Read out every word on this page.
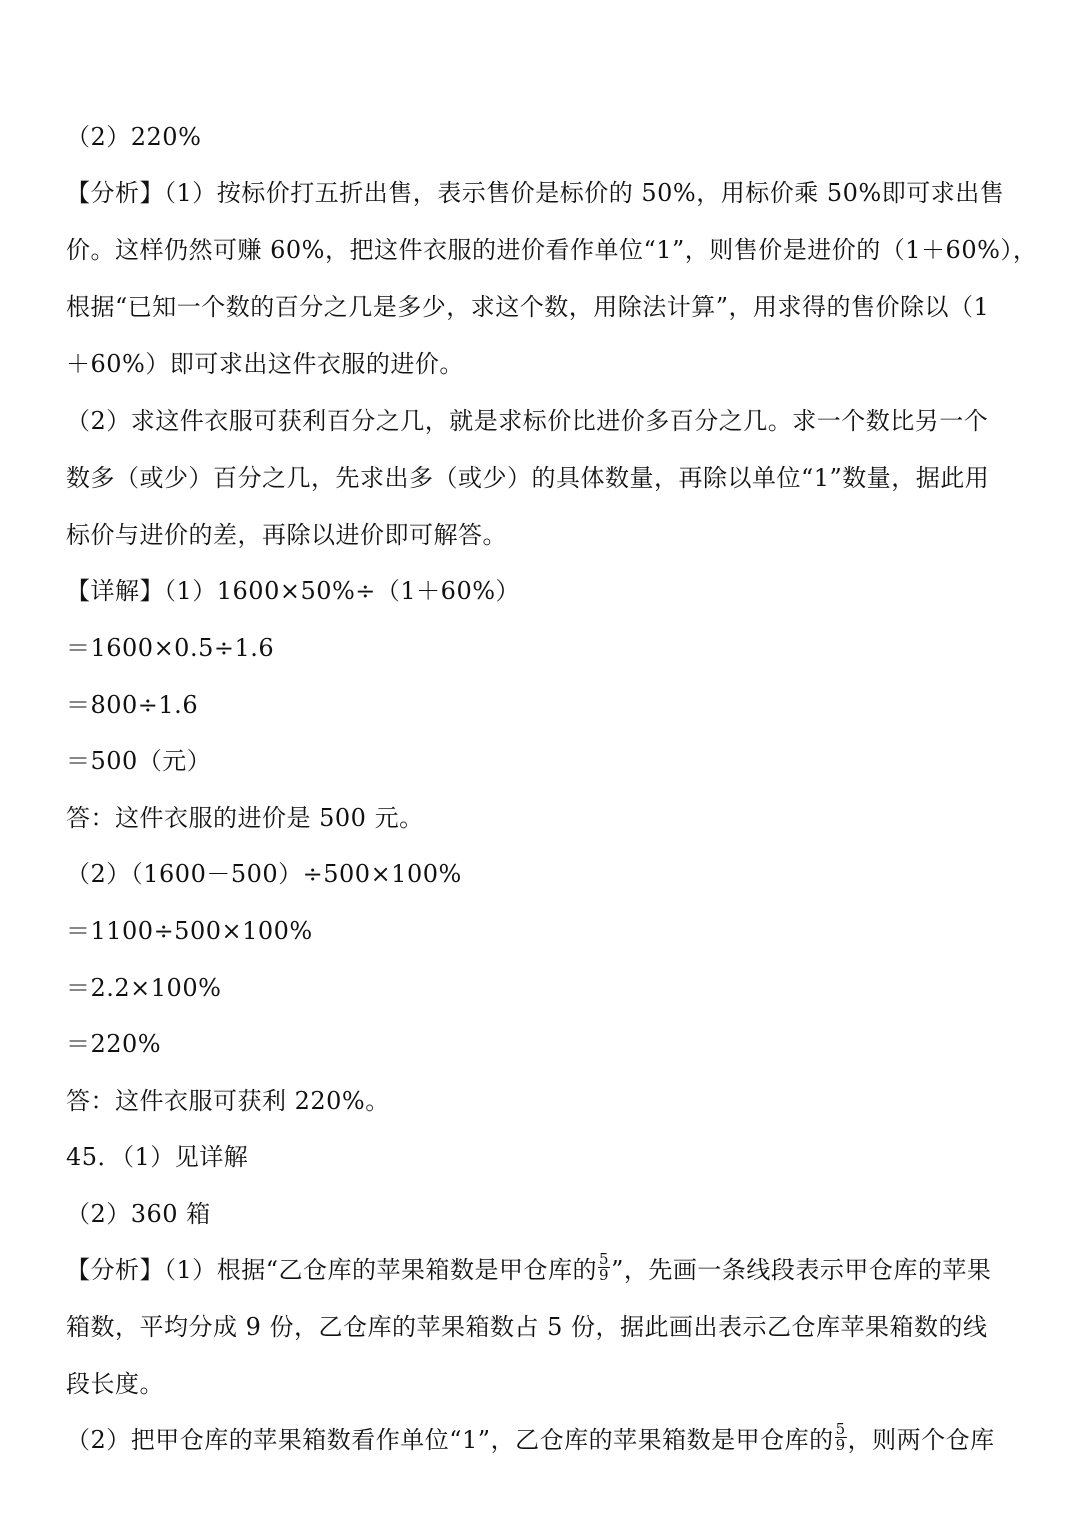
（2）220%
【分析】（1）按标价打五折出售，表示售价是标价的 50%，用标价乘 50%即可求出售
价。这样仍然可赚 60%，把这件衣服的进价看作单位“1”，则售价是进价的（1＋60%），
根据“已知一个数的百分之几是多少，求这个数，用除法计算”，用求得的售价除以（1
＋60%）即可求出这件衣服的进价。
（2）求这件衣服可获利百分之几，就是求标价比进价多百分之几。求一个数比另一个
数多（或少）百分之几，先求出多（或少）的具体数量，再除以单位“1”数量，据此用
标价与进价的差，再除以进价即可解答。
【详解】（1）1600×50%÷（1＋60%）
＝1600×0.5÷1.6
＝800÷1.6
＝500（元）
答：这件衣服的进价是 500 元。
（2）（1600－500）÷500×100%
＝1100÷500×100%
＝2.2×100%
＝220%
答：这件衣服可获利 220%。
45．（1）见详解
（2）360 箱
【分析】（1）根据“乙仓库的苹果箱数是甲仓库的 $\frac{5}{9}$ ”，先画一条线段表示甲仓库的苹果
箱数，平均分成 9 份，乙仓库的苹果箱数占 5 份，据此画出表示乙仓库苹果箱数的线
段长度。
（2）把甲仓库的苹果箱数看作单位“1”，乙仓库的苹果箱数是甲仓库的 $\frac{5}{9}$ ，则两个仓库
